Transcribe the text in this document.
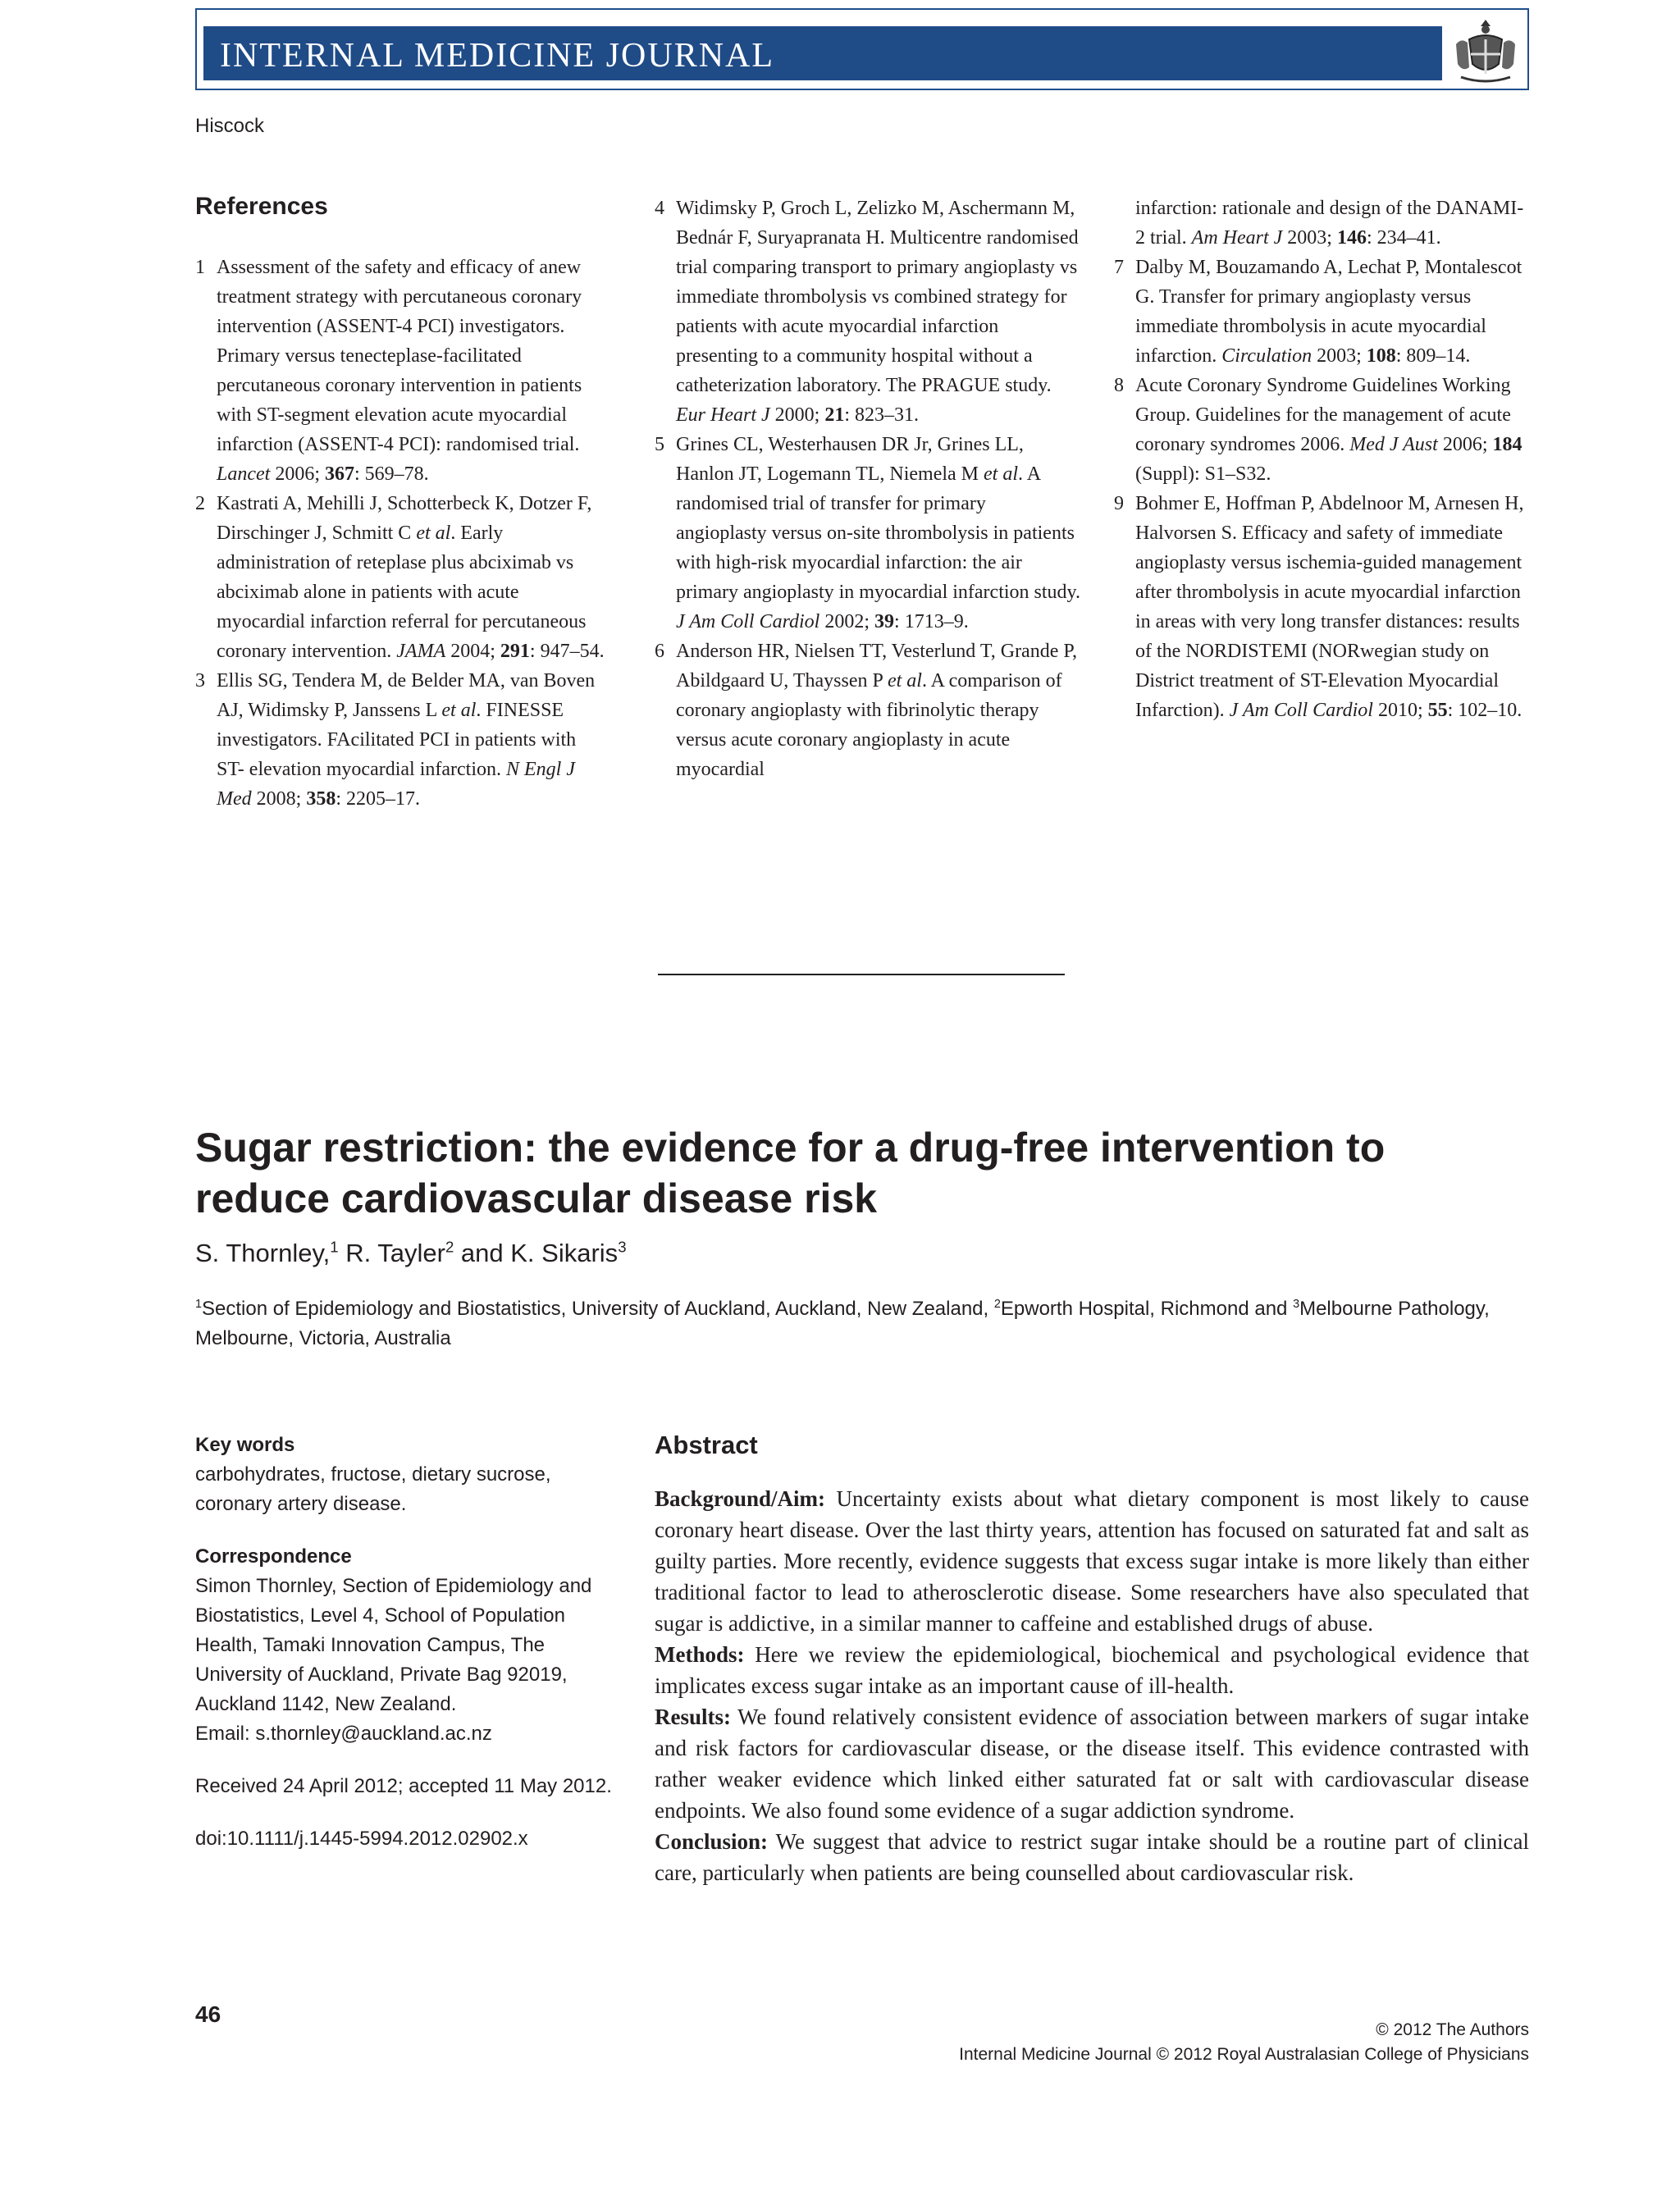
INTERNAL MEDICINE JOURNAL
Hiscock
References
1 Assessment of the safety and efficacy of anew treatment strategy with percutaneous coronary intervention (ASSENT-4 PCI) investigators. Primary versus tenecteplase-facilitated percutaneous coronary intervention in patients with ST-segment elevation acute myocardial infarction (ASSENT-4 PCI): randomised trial. Lancet 2006; 367: 569–78.
2 Kastrati A, Mehilli J, Schotterbeck K, Dotzer F, Dirschinger J, Schmitt C et al. Early administration of reteplase plus abciximab vs abciximab alone in patients with acute myocardial infarction referral for percutaneous coronary intervention. JAMA 2004; 291: 947–54.
3 Ellis SG, Tendera M, de Belder MA, van Boven AJ, Widimsky P, Janssens L et al. FINESSE investigators. FAcilitated PCI in patients with ST- elevation myocardial infarction. N Engl J Med 2008; 358: 2205–17.
4 Widimsky P, Groch L, Zelizko M, Aschermann M, Bednár F, Suryapranata H. Multicentre randomised trial comparing transport to primary angioplasty vs immediate thrombolysis vs combined strategy for patients with acute myocardial infarction presenting to a community hospital without a catheterization laboratory. The PRAGUE study. Eur Heart J 2000; 21: 823–31.
5 Grines CL, Westerhausen DR Jr, Grines LL, Hanlon JT, Logemann TL, Niemela M et al. A randomised trial of transfer for primary angioplasty versus on-site thrombolysis in patients with high-risk myocardial infarction: the air primary angioplasty in myocardial infarction study. J Am Coll Cardiol 2002; 39: 1713–9.
6 Anderson HR, Nielsen TT, Vesterlund T, Grande P, Abildgaard U, Thayssen P et al. A comparison of coronary angioplasty with fibrinolytic therapy versus acute coronary angioplasty in acute myocardial
infarction: rationale and design of the DANAMI-2 trial. Am Heart J 2003; 146: 234–41.
7 Dalby M, Bouzamando A, Lechat P, Montalescot G. Transfer for primary angioplasty versus immediate thrombolysis in acute myocardial infarction. Circulation 2003; 108: 809–14.
8 Acute Coronary Syndrome Guidelines Working Group. Guidelines for the management of acute coronary syndromes 2006. Med J Aust 2006; 184 (Suppl): S1–S32.
9 Bohmer E, Hoffman P, Abdelnoor M, Arnesen H, Halvorsen S. Efficacy and safety of immediate angioplasty versus ischemia-guided management after thrombolysis in acute myocardial infarction in areas with very long transfer distances: results of the NORDISTEMI (NORwegian study on District treatment of ST-Elevation Myocardial Infarction). J Am Coll Cardiol 2010; 55: 102–10.
Sugar restriction: the evidence for a drug-free intervention to reduce cardiovascular disease risk
S. Thornley,$^1$ R. Tayler$^2$ and K. Sikaris$^3$
$^1$Section of Epidemiology and Biostatistics, University of Auckland, Auckland, New Zealand, $^2$Epworth Hospital, Richmond and $^3$Melbourne Pathology, Melbourne, Victoria, Australia
Key words
carbohydrates, fructose, dietary sucrose, coronary artery disease.
Correspondence
Simon Thornley, Section of Epidemiology and Biostatistics, Level 4, School of Population Health, Tamaki Innovation Campus, The University of Auckland, Private Bag 92019, Auckland 1142, New Zealand.
Email: s.thornley@auckland.ac.nz
Received 24 April 2012; accepted 11 May 2012.
doi:10.1111/j.1445-5994.2012.02902.x
Abstract

Background/Aim: Uncertainty exists about what dietary component is most likely to cause coronary heart disease. Over the last thirty years, attention has focused on saturated fat and salt as guilty parties. More recently, evidence suggests that excess sugar intake is more likely than either traditional factor to lead to atherosclerotic disease. Some researchers have also speculated that sugar is addictive, in a similar manner to caffeine and established drugs of abuse.

Methods: Here we review the epidemiological, biochemical and psychological evidence that implicates excess sugar intake as an important cause of ill-health.

Results: We found relatively consistent evidence of association between markers of sugar intake and risk factors for cardiovascular disease, or the disease itself. This evidence contrasted with rather weaker evidence which linked either saturated fat or salt with cardiovascular disease endpoints. We also found some evidence of a sugar addiction syndrome.

Conclusion: We suggest that advice to restrict sugar intake should be a routine part of clinical care, particularly when patients are being counselled about cardiovascular risk.

46
© 2012 The Authors
Internal Medicine Journal © 2012 Royal Australasian College of Physicians
